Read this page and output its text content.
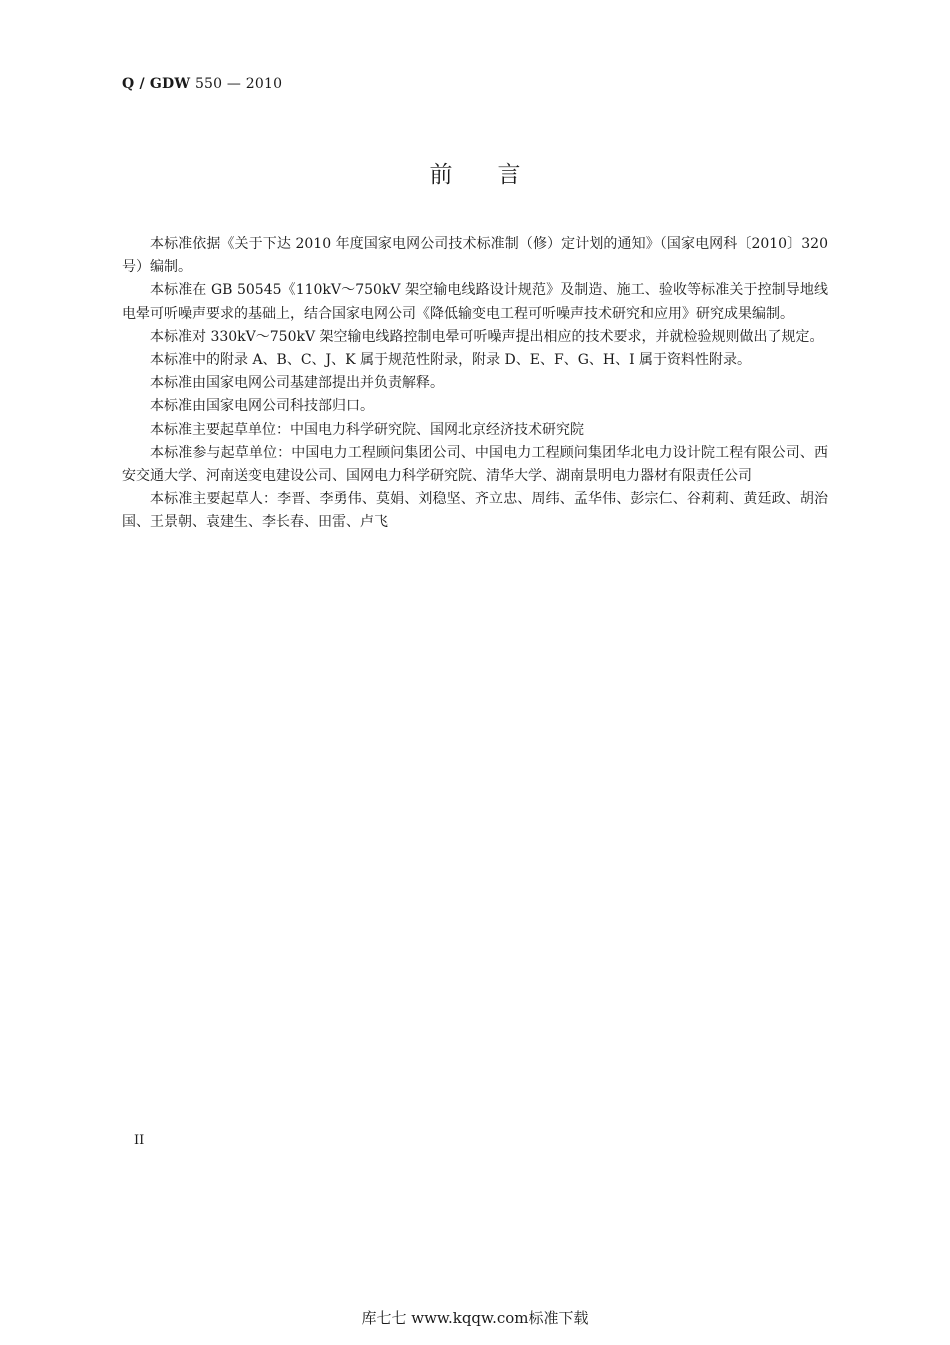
Q / GDW 550 — 2010
前言

本标准依据《关于下达 2010 年度国家电网公司技术标准制（修）定计划的通知》（国家电网科〔2010〕320 号）编制。

本标准在 GB 50545《110kV～750kV 架空输电线路设计规范》及制造、施工、验收等标准关于控制导地线电晕可听噪声要求的基础上，结合国家电网公司《降低输变电工程可听噪声技术研究和应用》研究成果编制。

本标准对 330kV～750kV 架空输电线路控制电晕可听噪声提出相应的技术要求，并就检验规则做出了规定。

本标准中的附录 A、B、C、J、K 属于规范性附录，附录 D、E、F、G、H、I 属于资料性附录。

本标准由国家电网公司基建部提出并负责解释。

本标准由国家电网公司科技部归口。

本标准主要起草单位：中国电力科学研究院、国网北京经济技术研究院

本标准参与起草单位：中国电力工程顾问集团公司、中国电力工程顾问集团华北电力设计院工程有限公司、西安交通大学、河南送变电建设公司、国网电力科学研究院、清华大学、湖南景明电力器材有限责任公司

本标准主要起草人：李晋、李勇伟、莫娟、刘稳坚、齐立忠、周纬、孟华伟、彭宗仁、谷莉莉、黄廷政、胡治国、王景朝、袁建生、李长春、田雷、卢飞

II
库七七 www.kqqw.com标准下载
